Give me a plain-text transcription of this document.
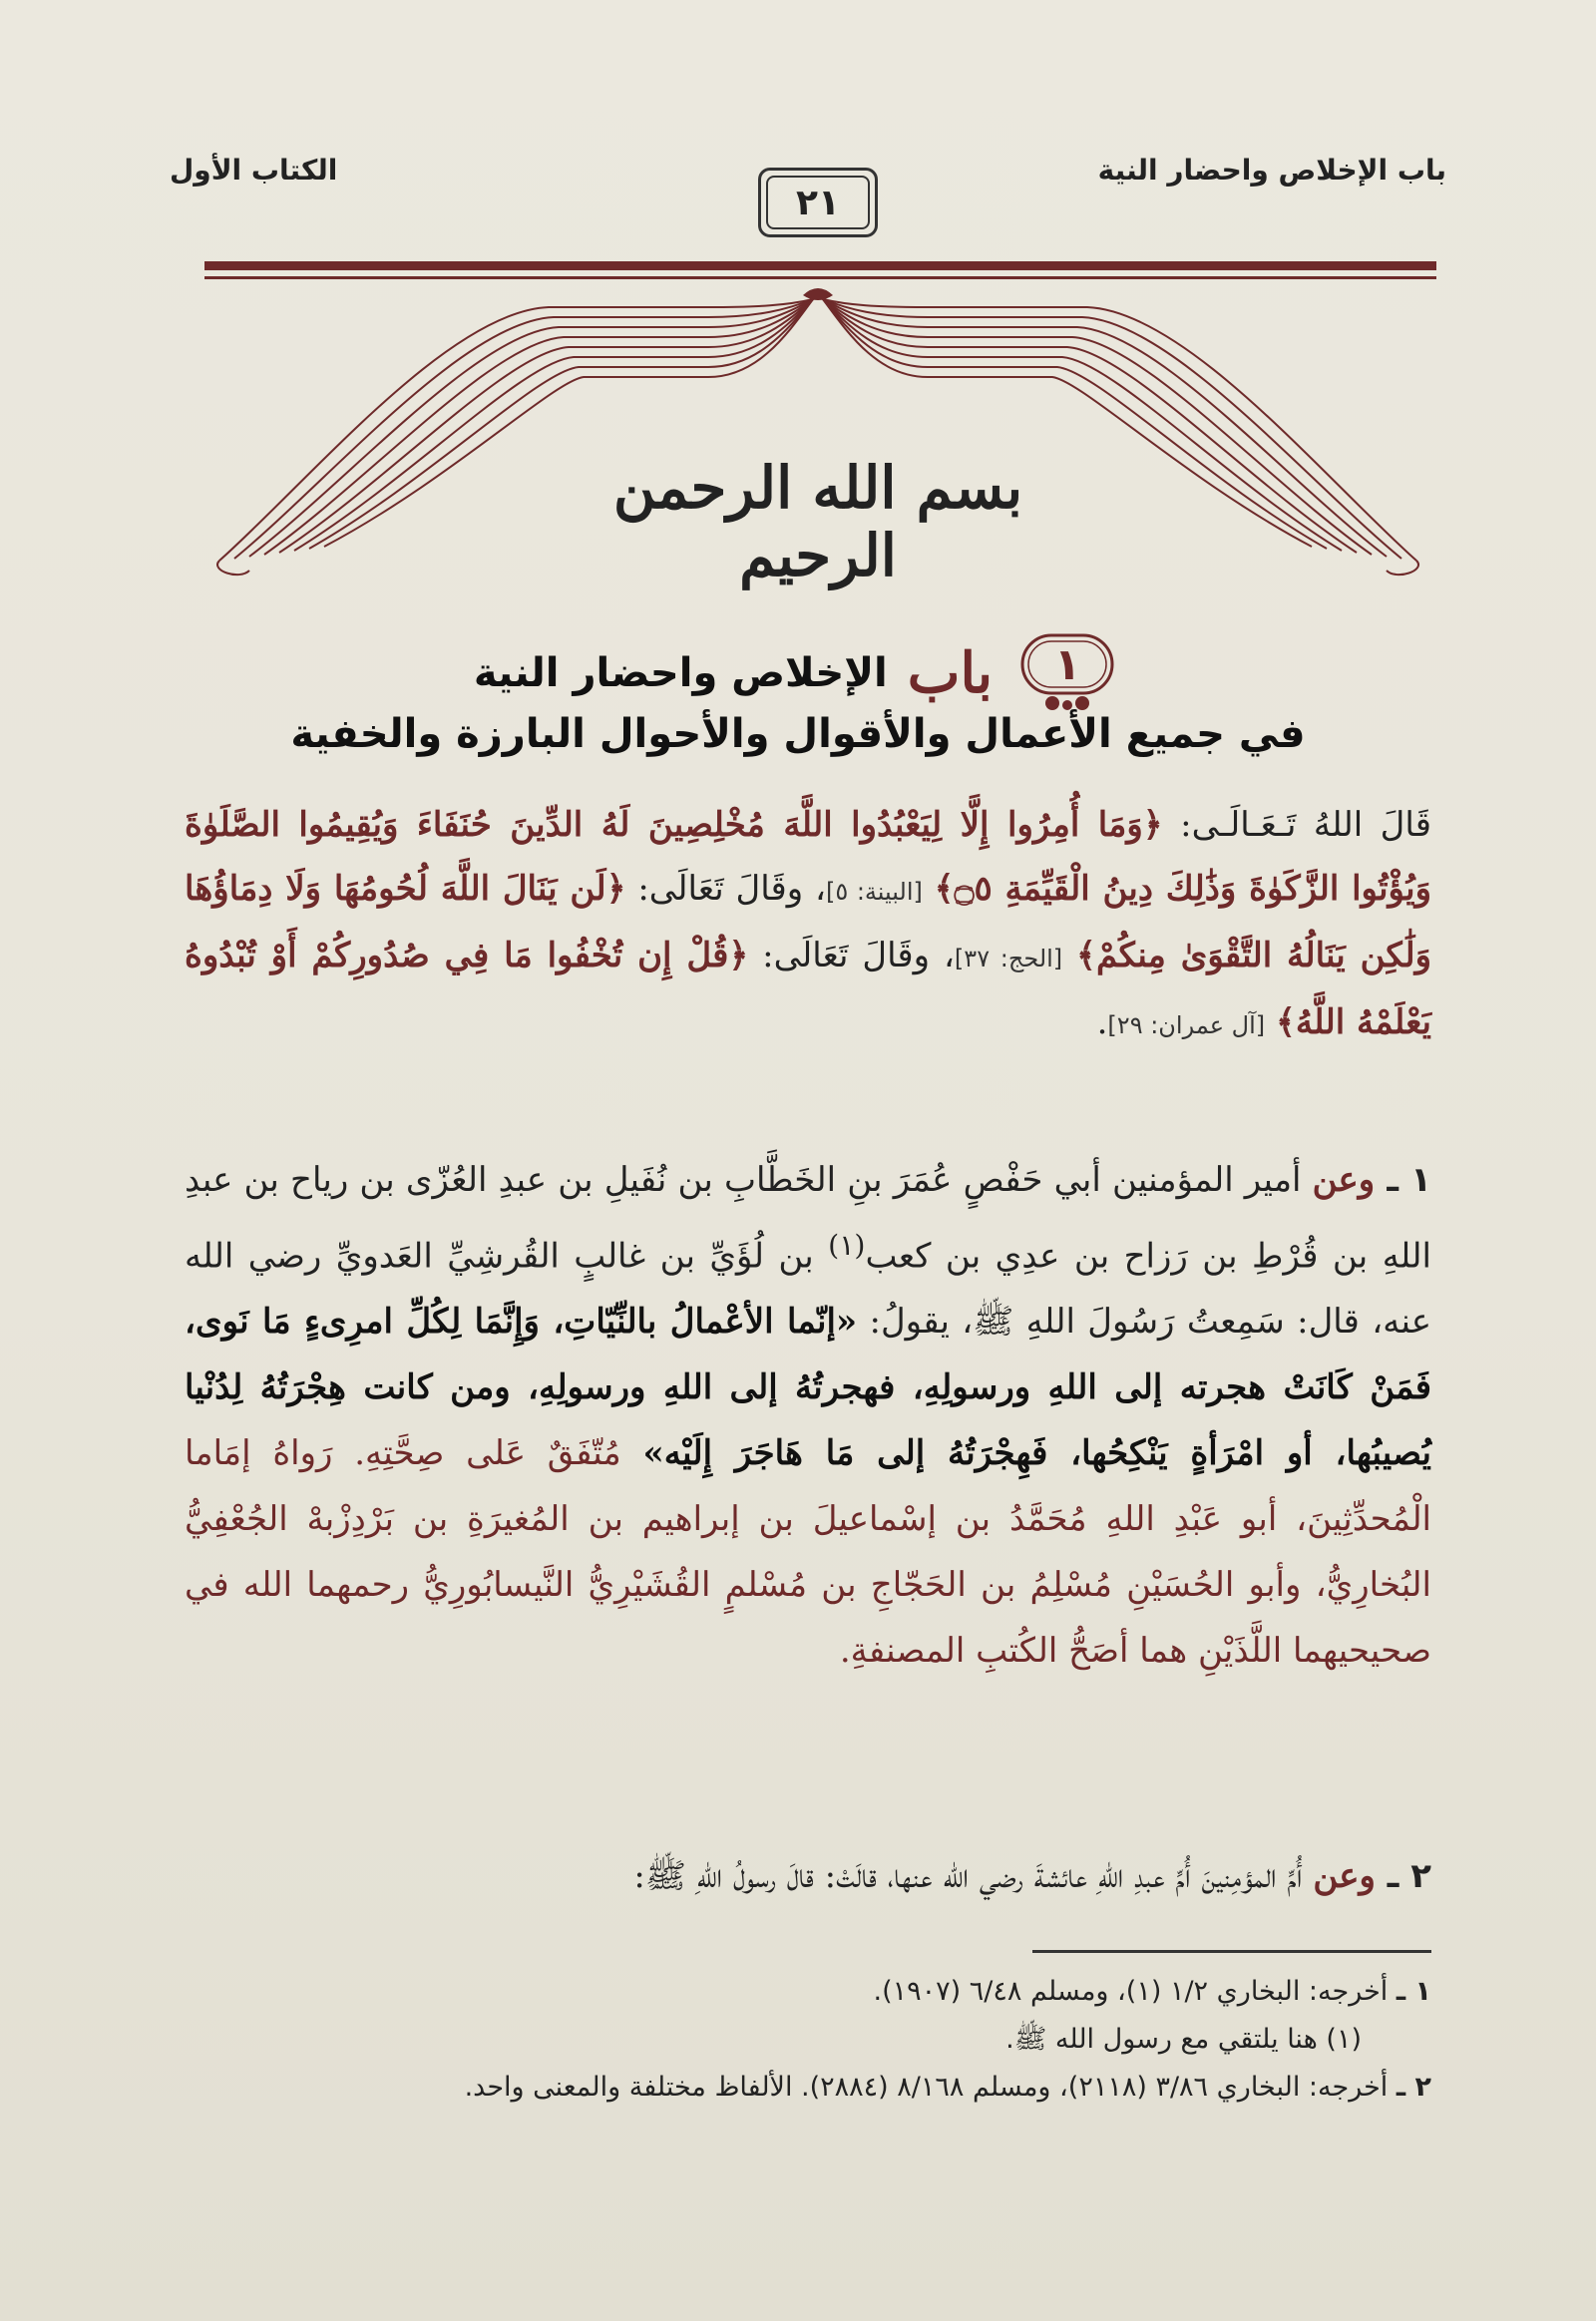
باب الإخلاص واحضار النية
الكتاب الأول
٢١
بسم الله الرحمن الرحيم
١
باب
الإخلاص واحضار النية
في جميع الأعمال والأقوال والأحوال البارزة والخفية
قَالَ اللهُ تَـعَـالَـى: ﴿وَمَا أُمِرُوا إِلَّا لِيَعْبُدُوا اللَّهَ مُخْلِصِينَ لَهُ الدِّينَ حُنَفَاءَ وَيُقِيمُوا الصَّلَوٰةَ وَيُؤْتُوا الزَّكَوٰةَ وَذَٰلِكَ دِينُ الْقَيِّمَةِ ۝٥﴾ [البينة: ٥]، وقَالَ تَعَالَى: ﴿لَن يَنَالَ اللَّهَ لُحُومُهَا وَلَا دِمَاؤُهَا وَلَٰكِن يَنَالُهُ التَّقْوَىٰ مِنكُمْ﴾ [الحج: ٣٧]، وقَالَ تَعَالَى: ﴿قُلْ إِن تُخْفُوا مَا فِي صُدُورِكُمْ أَوْ تُبْدُوهُ يَعْلَمْهُ اللَّهُ﴾ [آل عمران: ٢٩].
١ ـ وعن أمير المؤمنين أبي حَفْصٍ عُمَرَ بنِ الخَطَّابِ بن نُفَيلِ بن عبدِ العُزّى بن رياح بن عبدِ اللهِ بن قُرْطِ بن رَزاح بن عدِي بن كعب$^{(١)}$ بن لُؤَيِّ بن غالبٍ القُرشِيِّ العَدويِّ رضي الله عنه، قال: سَمِعتُ رَسُولَ اللهِ ﷺ، يقولُ: «إنّما الأعْمالُ بالنِّيّاتِ، وَإِنَّمَا لِكُلِّ امرِىءٍ مَا نَوى، فَمَنْ كَانَتْ هجرته إلى اللهِ ورسولِهِ، فهجرتُهُ إلى اللهِ ورسولِهِ، ومن كانت هِجْرَتُهُ لِدُنْيا يُصيبُها، أو امْرَأةٍ يَنْكِحُها، فَهِجْرَتُهُ إلى مَا هَاجَرَ إِلَيْه» مُتّفَقٌ عَلى صِحَّتِهِ. رَواهُ إمَاما الْمُحدِّثِينَ، أبو عَبْدِ اللهِ مُحَمَّدُ بن إسْماعيلَ بن إبراهيم بن المُغيرَةِ بن بَرْدِزْبهْ الجُعْفِيُّ البُخارِيُّ، وأبو الحُسَيْنِ مُسْلِمُ بن الحَجّاجِ بن مُسْلمٍ القُشَيْرِيُّ النَّيسابُورِيُّ رحمهما الله في صحيحيهما اللَّذَيْنِ هما أصَحُّ الكُتبِ المصنفةِ.
٢ ـ وعن أُمِّ المؤمِنينَ أُمِّ عبدِ اللهِ عائشةَ رضي الله عنها، قالَتْ: قالَ رسولُ اللهِ ﷺ:

١ ـ أخرجه: البخاري ١/٢ (١)، ومسلم ٦/٤٨ (١٩٠٧).

(١) هنا يلتقي مع رسول الله ﷺ.

٢ ـ أخرجه: البخاري ٣/٨٦ (٢١١٨)، ومسلم ٨/١٦٨ (٢٨٨٤). الألفاظ مختلفة والمعنى واحد.
